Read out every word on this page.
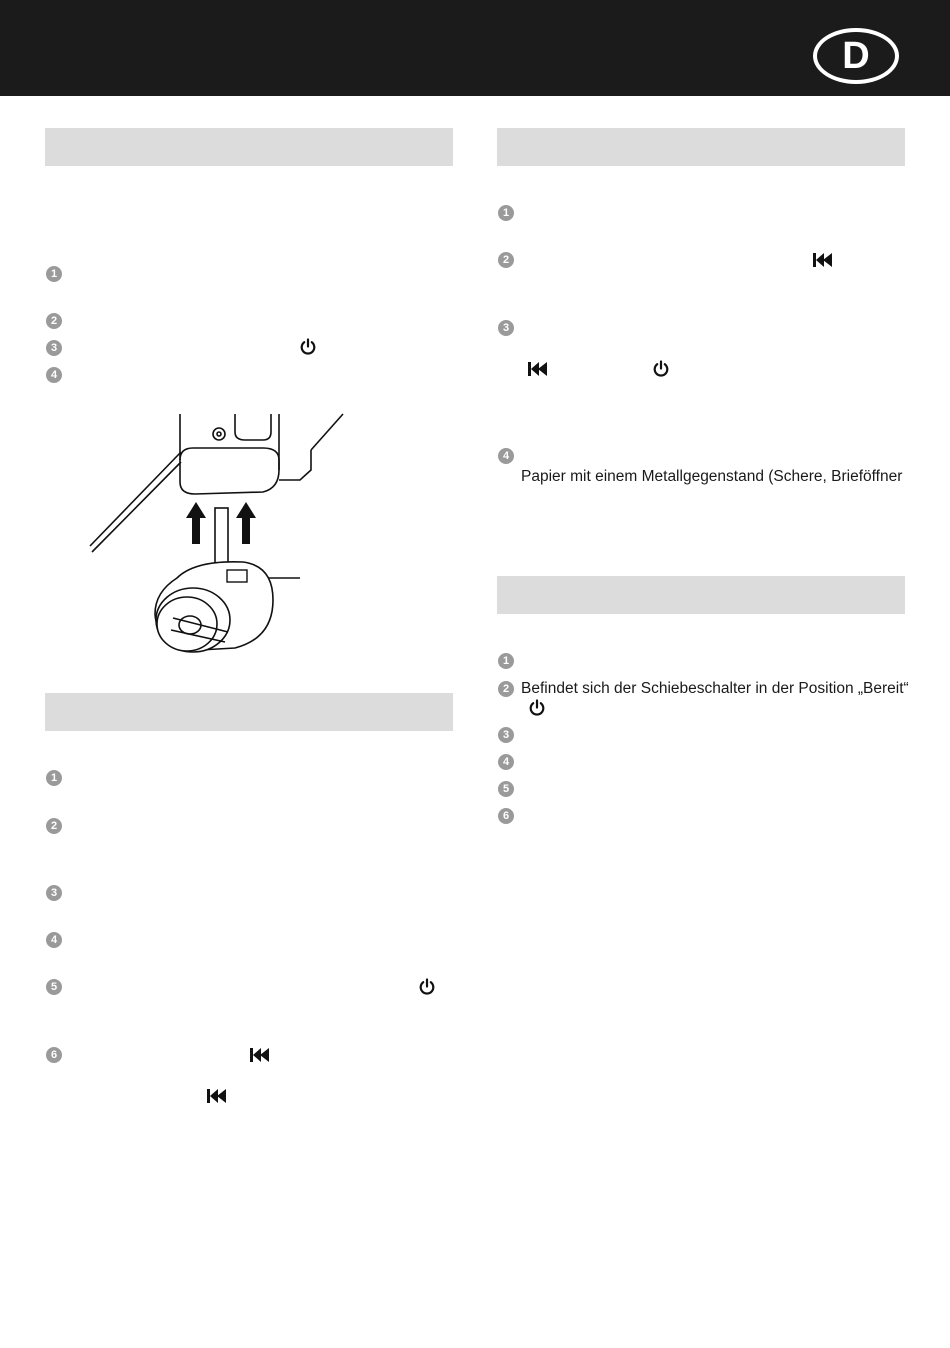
D
1
2
3
4
1
2
3
4
5
6
1
2
3
4
Papier mit einem Metallgegenstand (Schere, Brieföffner
1
2 Befindet sich der Schiebeschalter in der Position „Bereit“
3
4
5
6
